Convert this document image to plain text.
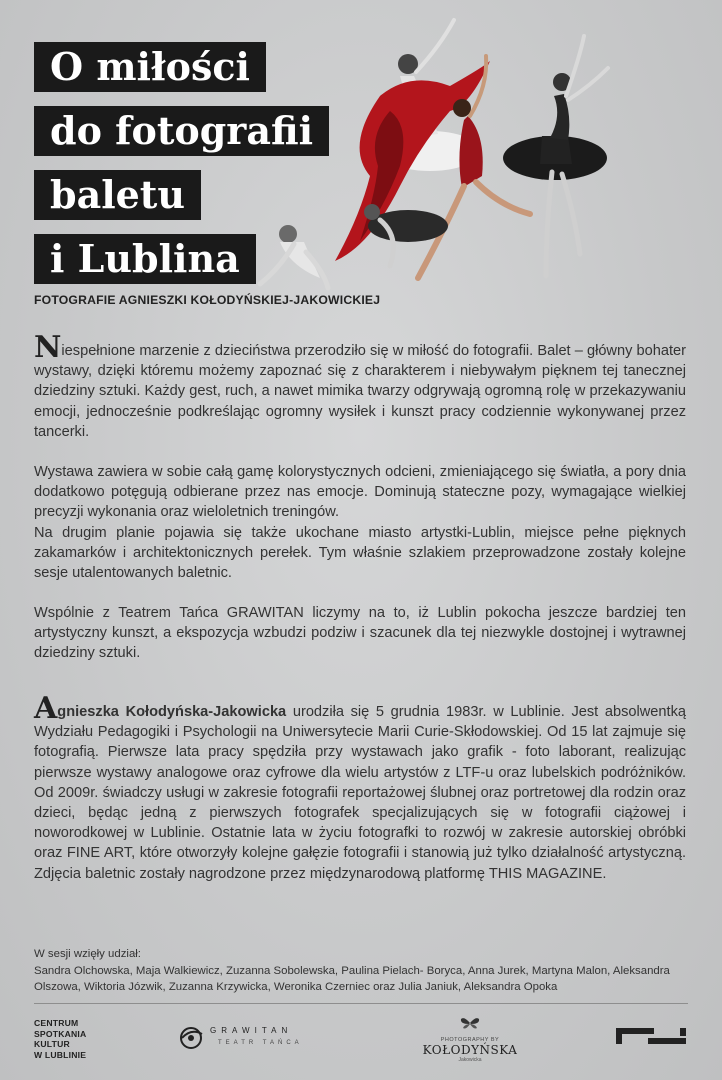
O miłości
do fotografii
baletu
i Lublina
FOTOGRAFIE AGNIESZKI KOŁODYŃSKIEJ-JAKOWICKIEJ
Niespełnione marzenie z dzieciństwa przerodziło się w miłość do fotografii. Balet – główny bohater wystawy, dzięki któremu możemy zapoznać się z charakterem i niebywałym pięknem tej tanecznej dziedziny sztuki. Każdy gest, ruch, a nawet mimika twarzy odgrywają ogromną rolę w przekazywaniu emocji, jednocześnie podkreślając ogromny wysiłek i kunszt pracy codziennie wykonywanej przez tancerki.
Wystawa zawiera w sobie całą gamę kolorystycznych odcieni, zmieniającego się światła, a pory dnia dodatkowo potęgują odbierane przez nas emocje. Dominują stateczne pozy, wymagające wielkiej precyzji wykonania oraz wieloletnich treningów.
Na drugim planie pojawia się także ukochane miasto artystki-Lublin, miejsce pełne pięknych zakamarków i architektonicznych perełek. Tym właśnie szlakiem przeprowadzone zostały kolejne sesje utalentowanych baletnic.
Wspólnie z Teatrem Tańca GRAWITAN liczymy na to, iż Lublin pokocha jeszcze bardziej ten artystyczny kunszt, a ekspozycja wzbudzi podziw i szacunek dla tej niezwykle dostojnej i wytrawnej dziedziny sztuki.
Agnieszka Kołodyńska-Jakowicka urodziła się 5 grudnia 1983r. w Lublinie. Jest absolwentką Wydziału Pedagogiki i Psychologii na Uniwersytecie Marii Curie-Skłodowskiej. Od 15 lat zajmuje się fotografią. Pierwsze lata pracy spędziła przy wystawach jako grafik - foto laborant, realizując pierwsze wystawy analogowe oraz cyfrowe dla wielu artystów z LTF-u oraz lubelskich podróżników. Od 2009r. świadczy usługi w zakresie fotografii reportażowej ślubnej oraz portretowej dla rodzin oraz dzieci, będąc jedną z pierwszych fotografek specjalizujących się w fotografii ciążowej i noworodkowej w Lublinie. Ostatnie lata w życiu fotografki to rozwój w zakresie autorskiej obróbki oraz FINE ART, które otworzyły kolejne gałęzie fotografii i stanowią już tylko działalność artystyczną. Zdjęcia baletnic zostały nagrodzone przez międzynarodową platformę THIS MAGAZINE.
W sesji wzięły udział:
Sandra Olchowska, Maja Walkiewicz, Zuzanna Sobolewska, Paulina Pielach- Boryca, Anna Jurek, Martyna Malon, Aleksandra Olszowa, Wiktoria Józwik, Zuzanna Krzywicka, Weronika Czerniec oraz Julia Janiuk, Aleksandra Opoka
CENTRUM
SPOTKANIA
KULTUR
W LUBLINIE
GRAWITAN
TEATR TAŃCA	PHOTOGRAPHY BY
KOŁODYŃSKA
Jakowicka
